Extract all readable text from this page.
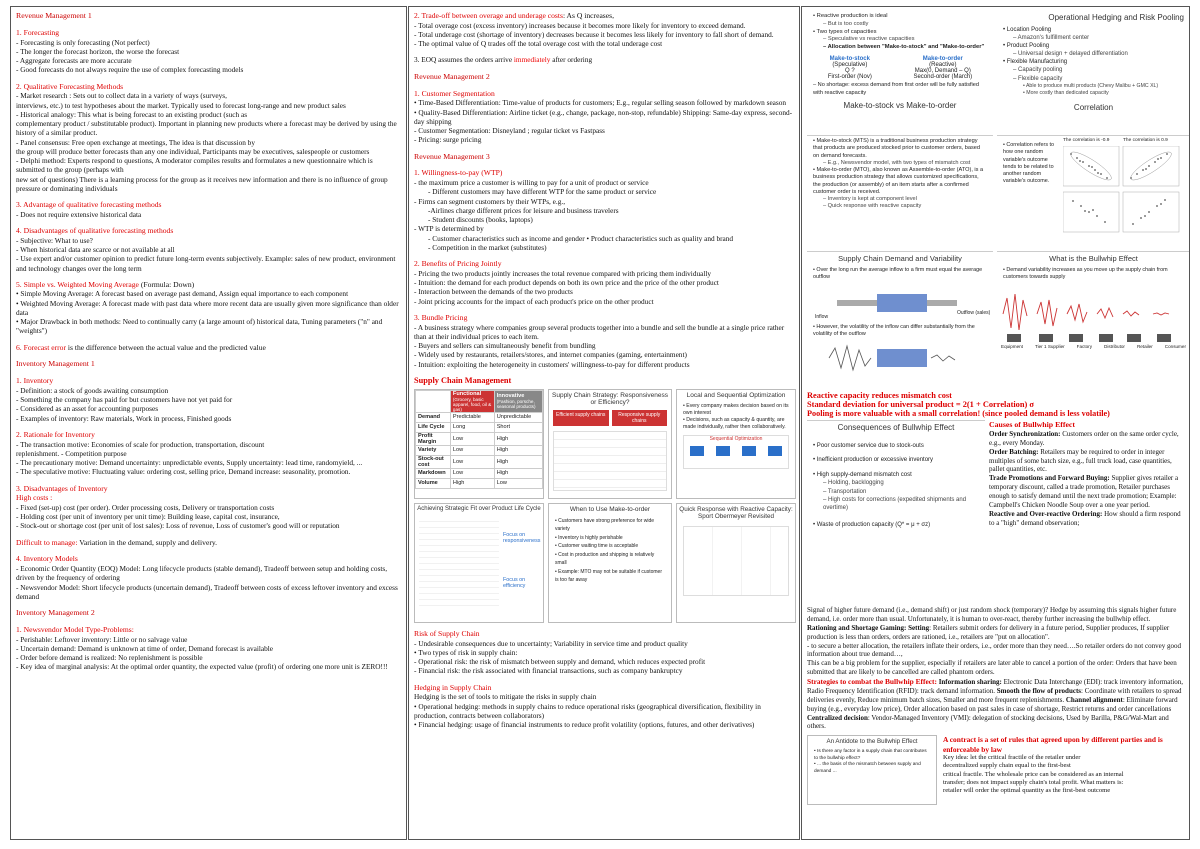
Revenue Management 1
1. Forecasting
- Forecasting is only forecasting (Not perfect)
- The longer the forecast horizon, the worse the forecast
- Aggregate forecasts are more accurate
- Good forecasts do not always require the use of complex forecasting models
2. Qualitative Forecasting Methods
- Market research : Sets out to collect data in a variety of ways (surveys,
interviews, etc.) to test hypotheses about the market. Typically used to forecast long-range and new product sales
- Historical analogy: This what is being forecast to an existing product (such as
complementary product / substitutable product). Important in planning new products where a forecast may be derived by using the history of a similar product.
- Panel consensus: Free open exchange at meetings, The idea is that discussion by
the group will produce better forecasts than any one individual, Participants may be executives, salespeople or customers
- Delphi method: Experts respond to questions, A moderator compiles results and formulates a new questionnaire which is submitted to the group (perhaps with
new set of questions) There is a learning process for the group as it receives new information and there is no influence of group pressure or dominating individuals
3. Advantage of qualitative forecasting methods
- Does not require extensive historical data
4. Disadvantages of qualitative forecasting methods
- Subjective: What to use?
- When historical data are scarce or not available at all
- Use expert and/or customer opinion to predict future long-term events subjectively. Example: sales of new product, environment and technology changes over the long term
5. Simple vs. Weighted Moving Average (Formula: Down)
• Simple Moving Average: A forecast based on average past demand, Assign equal importance to each component
• Weighted Moving Average: A forecast made with past data where more recent data are usually given more significance than older data
• Major Drawback in both methods: Need to continually carry (a large amount of) historical data, Tuning parameters ("n" and "weights")
6. Forecast error is the difference between the actual value and the predicted value
Inventory Management 1
1. Inventory
- Definition: a stock of goods awaiting consumption
- Something the company has paid for but customers have not yet paid for
- Considered as an asset for accounting purposes
- Examples of inventory: Raw materials, Work in process, Finished goods
2. Rationale for Inventory
- The transaction motive: Economies of scale for production, transportation, discount
replenishment. - Competition purpose
- The precautionary motive: Demand uncertainty: unpredictable events, Supply uncertainty: lead time, randomyield, ...
- The speculative motive: Fluctuating value: ordering cost, selling price, Demand increase: seasonality, promotion.
3. Disadvantages of Inventory
High costs :
- Fixed (set-up) cost (per order). Order processing costs, Delivery or transportation costs
- Holding cost (per unit of inventory per unit time): Building lease, capital cost, insurance,
- Stock-out or shortage cost (per unit of lost sales): Loss of revenue, Loss of customer's good will or reputation
Difficult to manage: Variation in the demand, supply and delivery.
4. Inventory Models
- Economic Order Quantity (EOQ) Model: Long lifecycle products (stable demand), Tradeoff between setup and holding costs, driven by the frequency of ordering
- Newsvendor Model: Short lifecycle products (uncertain demand), Tradeoff between costs of excess leftover inventory and excess
demand
Inventory Management 2
1. Newsvendor Model Type-Problems:
- Perishable: Leftover inventory: Little or no salvage value
- Uncertain demand: Demand is unknown at time of order, Demand forecast is available
- Order before demand is realized: No replenishment is possible
- Key idea of marginal analysis: At the optimal order quantity, the expected value (profit) of ordering one more unit is ZERO!!!
2. Trade-off between overage and underage costs: As Q increases,
- Total overage cost (excess inventory) increases because it becomes more likely for inventory to exceed demand.
- Total underage cost (shortage of inventory) decreases because it becomes less likely for inventory to fall short of demand.
- The optimal value of Q trades off the total overage cost with the total underage cost
3. EOQ assumes the orders arrive immediately after ordering
Revenue Management 2
1. Customer Segmentation
• Time-Based Differentiation: Time-value of products for customers; E.g., regular selling season followed by markdown season
• Quality-Based Differentiation: Airline ticket (e.g., change, package, non-stop, refundable) Shipping: Same-day express, second-day shipping
- Customer Segmentation: Disneyland ; regular ticket vs Fastpass
- Pricing: surge pricing
Revenue Management 3
1. Willingness-to-pay (WTP)
- the maximum price a customer is willing to pay for a unit of product or service
- Different customers may have different WTP for the same product or service
- Firms can segment customers by their WTPs, e.g.,
-Airlines charge different prices for leisure and business travelers
- Student discounts (books, laptops)
- WTP is determined by
- Customer characteristics such as income and gender • Product characteristics such as quality and brand
- Competition in the market (substitutes)
2. Benefits of Pricing Jointly
- Pricing the two products jointly increases the total revenue compared with pricing them individually
- Intuition: the demand for each product depends on both its own price and the price of the other product
- Interaction between the demands of the two products
- Joint pricing accounts for the impact of each product's price on the other product
3. Bundle Pricing
- A business strategy where companies group several products together into a bundle and sell the bundle at a single price rather than at their individual prices to each item.
- Buyers and sellers can simultaneously benefit from bundling
- Widely used by restaurants, retailers/stores, and internet companies (gaming, entertainment)
- Intuition: exploiting the heterogeneity in customers' willingness-to-pay for different products
Supply Chain Management
	Functional
(Grocery, basic apparel, food, oil & gas)	Innovative
(Fashion, porsche, seasonal products)

Demand	Predictable	Unpredictable
Life Cycle	Long	Short
Profit Margin	Low	High
Variety	Low	High
Stock-out cost	Low	High
Markdown	Low	High
Volume	High	Low
Supply Chain Strategy: Responsiveness or Efficiency?
Efficient supply chains	Responsive supply chains
Local and Sequential Optimization
• Every company makes decision based on its own interest
• Decisions, such as capacity & quantity, are made individually, rather then collaboratively.
Sequential Optimization
Achieving Strategic Fit over Product Life Cycle
Focus on responsiveness
Focus on efficiency
When to Use Make-to-order
• Customers have strong preference for wide variety
• Inventory is highly perishable
• Customer waiting time is acceptable
• Cost in production and shipping is relatively small
• Example: MTO may not be suitable if customer is too far away
Quick Response with Reactive Capacity: Sport Obermeyer Revisited
Risk of Supply Chain
- Undesirable consequences due to uncertainty; Variability in service time and product quality
• Two types of risk in supply chain:
- Operational risk: the risk of mismatch between supply and demand, which reduces expected profit
- Financial risk: the risk associated with financial transactions, such as company bankruptcy
Hedging in Supply Chain
Hedging is the set of tools to mitigate the risks in supply chain
• Operational hedging: methods in supply chains to reduce operational risks (geographical diversification, flexibility in production, contracts between collaborators)
• Financial hedging: usage of financial instruments to reduce profit volatility (options, futures, and other derivatives)
• Reactive production is ideal
– But is too costly
• Two types of capacities
– Speculative vs reactive capacities
– Allocation between "Make-to-stock" and "Make-to-order"
Make-to-stock
(Speculative)
Q ?
First-order (Nov)
Make-to-order
(Reactive)
Max(0, Demand – Q)
Second-order (March)
– No shortage: excess demand from first order will be fully satisfied with reactive capacity
Make-to-stock vs Make-to-order
Operational Hedging and Risk Pooling
• Location Pooling
– Amazon's fulfillment center
• Product Pooling
– Universal design + delayed differentiation
• Flexible Manufacturing
– Capacity pooling
– Flexible capacity
• Able to produce multi products (Chevy Malibu + GMC XL)
• More costly than dedicated capacity
Correlation
• Make-to-stock (MTS) is a traditional business production strategy that products are produced stocked prior to customer orders, based on demand forecasts.
– E.g., Newsvendor model, with two types of mismatch cost
• Make-to-order (MTO), also known as Assemble-to-order (ATO), is a business production strategy that allows customized specifications, the production (or assembly) of an item starts after a confirmed customer order is received.
– Inventory is kept at component level
– Quick response with reactive capacity
• Correlation refers to how one random variable's outcome tends to be related to another random variable's outcome.
The correlation is -0.9	The correlation is 0.9
Supply Chain Demand and Variability
• Over the long run the average inflow to a firm must equal the average outflow
Inflow	Firm
Outflow (sales)
• However, the volatility of the inflow can differ substantially from the volatility of the outflow
What is the Bullwhip Effect
• Demand variability increases as you move up the supply chain from customers towards supply
Equipment	Tier 1 Supplier	Factory	Distributor	Retailer	Consumer
Reactive capacity reduces mismatch cost
Standard deviation for universal product = 2(1 + Correlation) σ
Pooling is more valuable with a small correlation! (since pooled demand is less volatile)
Consequences of Bullwhip Effect
• Poor customer service due to stock-outs
• Inefficient production or excessive inventory
• High supply-demand mismatch cost
– Holding, backlogging
– Transportation
– High costs for corrections (expedited shipments and overtime)
• Waste of production capacity (Q* = μ + σz)
Causes of Bullwhip Effect
Order Synchronization: Customers order on the same order cycle, e.g., every Monday.
Order Batching: Retailers may be required to order in integer multiples of some batch size, e.g., full truck load, case quantities, pallet quantities, etc.
Trade Promotions and Forward Buying: Supplier gives retailer a temporary discount, called a trade promotion, Retailer purchases enough to satisfy demand until the next trade promotion; Example: Campbell's Chicken Noodle Soup over a one year period.
Reactive and Over-reactive Ordering: How should a firm respond to a "high" demand observation;
Signal of higher future demand (i.e., demand shift) or just random shock (temporary)? Hedge by assuming this signals higher future demand, i.e. order more than usual. Unfortunately, it is human to over-react, thereby further increasing the bullwhip effect.
Rationing and Shortage Gaming: Setting: Retailers submit orders for delivery in a future period, Supplier produces, If supplier production is less than orders, orders are rationed, i.e., retailers are "put on allocation".
- to secure a better allocation, the retailers inflate their orders, i.e., order more than they need….So retailer orders do not convey good information about true demand…,
This can be a big problem for the supplier, especially if retailers are later able to cancel a portion of the order: Orders that have been submitted that are likely to be cancelled are called phantom orders.
Strategies to combat the Bullwhip Effect: Information sharing: Electronic Data Interchange (EDI): track inventory information, Radio Frequency Identification (RFID): track demand information. Smooth the flow of products: Coordinate with retailers to spread deliveries evenly, Reduce minimum batch sizes, Smaller and more frequent replenishments. Channel alignment: Eliminate forward buying (e.g., everyday low price), Order allocation based on past sales in case of shortage, Restrict returns and order cancellations Centralized decision: Vendor-Managed Inventory (VMI): delegation of stocking decisions, Used by Barilla, P&G/Wal-Mart and others.
An Antidote to the Bullwhip Effect
• Is there any factor in a supply chain that contributes to the bullwhip effect?
• ... the basis of the mismatch between supply and demand ...
A contract is a set of rules that agreed upon by different parties and is enforceable by law
Key idea: let the critical fractile of the retailer under
decentralized supply chain equal to the first-best
critical fractile. The wholesale price can be considered as an internal
transfer; does not impact supply chain's total profit. What matters is:
retailer will order the optimal quantity as the first-best outcome
